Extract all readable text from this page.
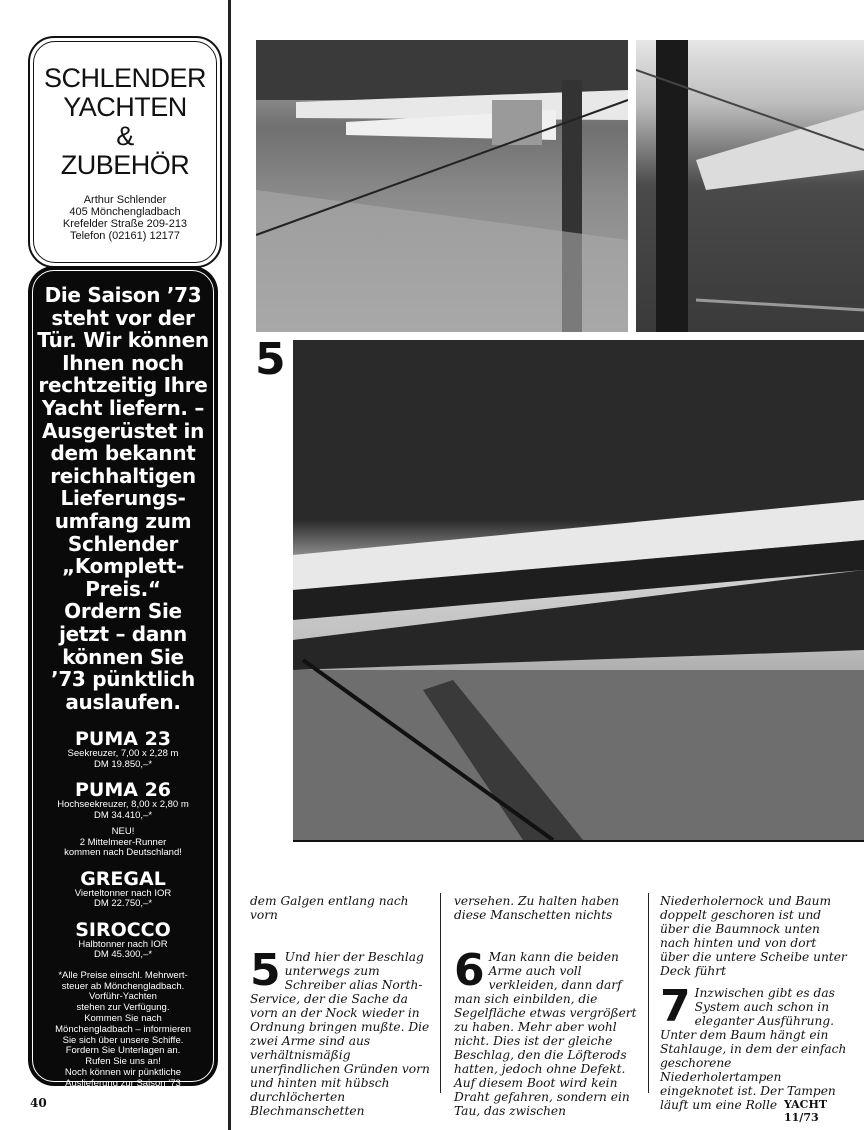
SCHLENDER
YACHTEN
&
ZUBEHÖR
Arthur Schlender
405 Mönchengladbach
Krefelder Straße 209-213
Telefon (02161) 12177
Die Saison ’73
steht vor der
Tür. Wir können
Ihnen noch
rechtzeitig Ihre
Yacht liefern. –
Ausgerüstet in
dem bekannt
reichhaltigen
Lieferungs-
umfang zum
Schlender
„Komplett-Preis.“
Ordern Sie
jetzt – dann
können Sie
’73 pünktlich
auslaufen.
PUMA 23
Seekreuzer, 7,00 x 2,28 m
DM 19.850,–*
PUMA 26
Hochseekreuzer, 8,00 x 2,80 m
DM 34.410,–*
NEU!
2 Mittelmeer-Runner
kommen nach Deutschland!
GREGAL
Vierteltonner nach IOR
DM 22.750,–*
SIROCCO
Halbtonner nach IOR
DM 45.300,–*
*Alle Preise einschl. Mehrwert-
steuer ab Mönchengladbach.
Vorführ-Yachten
stehen zur Verfügung.
Kommen Sie nach
Mönchengladbach – informieren
Sie sich über unsere Schiffe.
Fordern Sie Unterlagen an.
Rufen Sie uns an!
Noch können wir pünktliche
Auslieferung zur Saison ’73
zusichern!
40
5

dem Galgen entlang nach vorn

5 Und hier der Beschlag unterwegs zum Schreiber alias North-Service, der die Sache da vorn an der Nock wieder in Ordnung bringen mußte. Die zwei Arme sind aus verhältnismäßig unerfindlichen Gründen vorn und hinten mit hübsch durchlöcherten Blechmanschetten

versehen. Zu halten haben diese Manschetten nichts

6 Man kann die beiden Arme auch voll verkleiden, dann darf man sich einbilden, die Segelfläche etwas vergrößert zu haben. Mehr aber wohl nicht. Dies ist der gleiche Beschlag, den die Löfterods hatten, jedoch ohne Defekt. Auf diesem Boot wird kein Draht gefahren, sondern ein Tau, das zwischen

Niederholernock und Baum doppelt geschoren ist und über die Baumnock unten nach hinten und von dort über die untere Scheibe unter Deck führt

7 Inzwischen gibt es das System auch schon in eleganter Ausführung. Unter dem Baum hängt ein Stahlauge, in dem der einfach geschorene Niederholertampen eingeknotet ist. Der Tampen läuft um eine Rolle YACHT 11/73
